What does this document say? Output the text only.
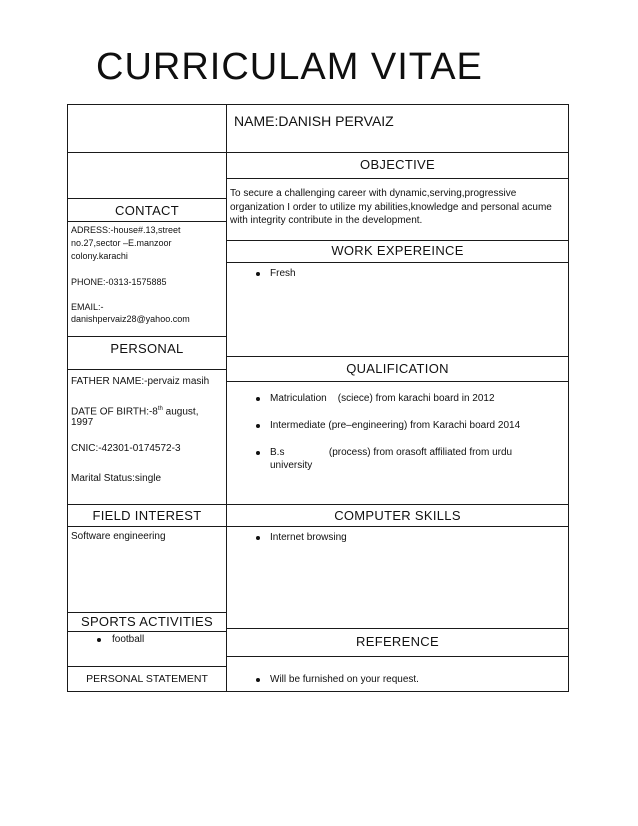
CURRICULAM VITAE
NAME:DANISH PERVAIZ
OBJECTIVE
To secure a challenging career with dynamic,serving,progressive organization I order to utilize my abilities,knowledge and personal acume with integrity contribute in the development.
WORK EXPEREINCE
Fresh
QUALIFICATION
Matriculation    (sciece) from karachi board in 2012
Intermediate (pre–engineering) from Karachi board 2014
B.s                (process) from orasoft affiliated from urdu university
COMPUTER SKILLS
Internet browsing
REFERENCE
Will be furnished on your request.
CONTACT
ADRESS:-house#.13,street
no.27,sector –E.manzoor
colony.karachi
PHONE:-0313-1575885
EMAIL:-
danishpervaiz28@yahoo.com
PERSONAL
FATHER NAME:-pervaiz masih
DATE OF BIRTH:-8th august,
1997
CNIC:-42301-0174572-3
Marital Status:single
FIELD INTEREST
Software engineering
SPORTS ACTIVITIES
football
PERSONAL STATEMENT
